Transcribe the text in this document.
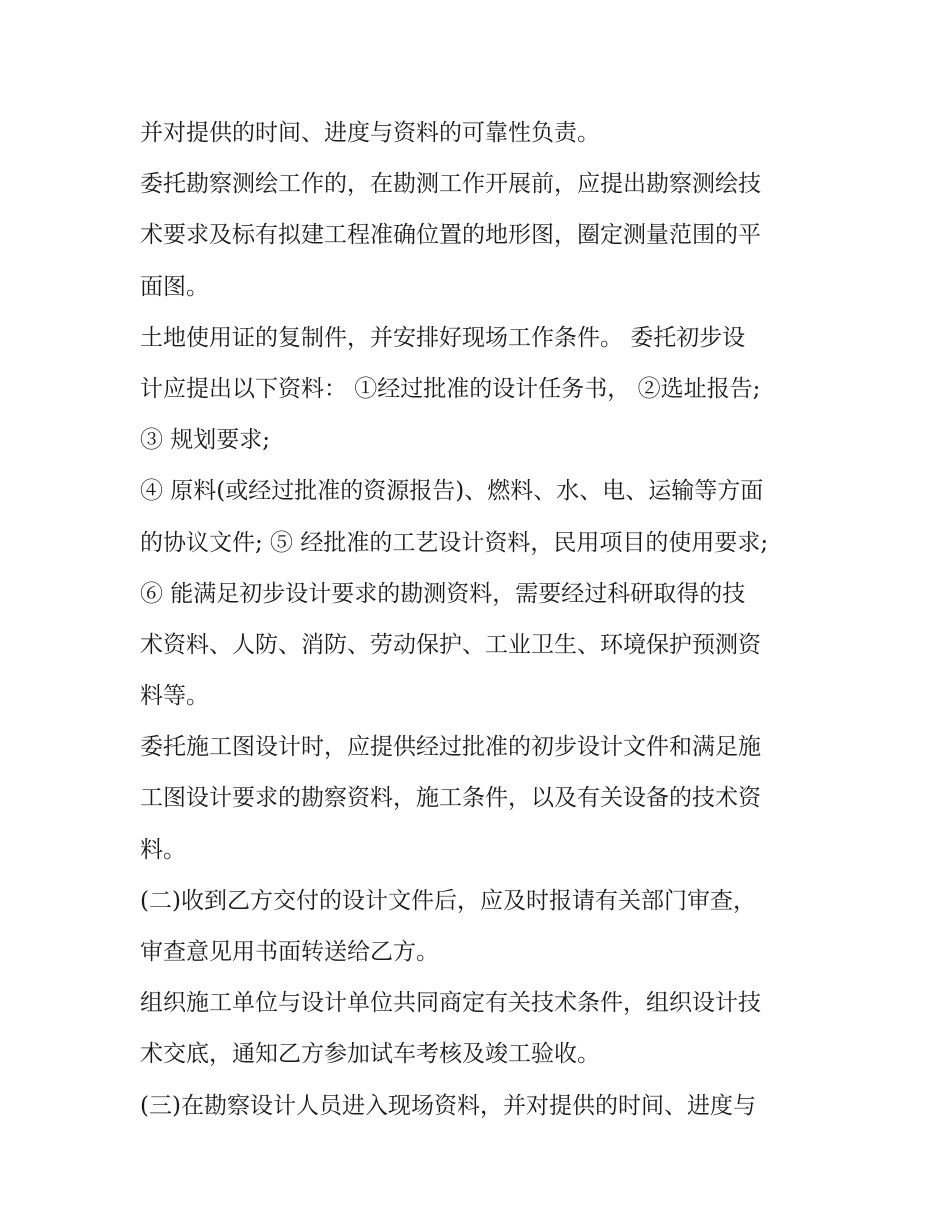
并对提供的时间、进度与资料的可靠性负责。
委托勘察测绘工作的，在勘测工作开展前，应提出勘察测绘技
术要求及标有拟建工程准确位置的地形图，圈定测量范围的平
面图。
土地使用证的复制件，并安排好现场工作条件。 委托初步设
计应提出以下资料： ①经过批准的设计任务书， ②选址报告;
③ 规划要求;
④ 原料(或经过批准的资源报告)、燃料、水、电、运输等方面
的协议文件; ⑤ 经批准的工艺设计资料，民用项目的使用要求;
⑥ 能满足初步设计要求的勘测资料，需要经过科研取得的技
术资料、人防、消防、劳动保护、工业卫生、环境保护预测资
料等。
委托施工图设计时，应提供经过批准的初步设计文件和满足施
工图设计要求的勘察资料，施工条件，以及有关设备的技术资
料。
(二)收到乙方交付的设计文件后，应及时报请有关部门审查，
审查意见用书面转送给乙方。
组织施工单位与设计单位共同商定有关技术条件，组织设计技
术交底，通知乙方参加试车考核及竣工验收。
(三)在勘察设计人员进入现场资料，并对提供的时间、进度与
